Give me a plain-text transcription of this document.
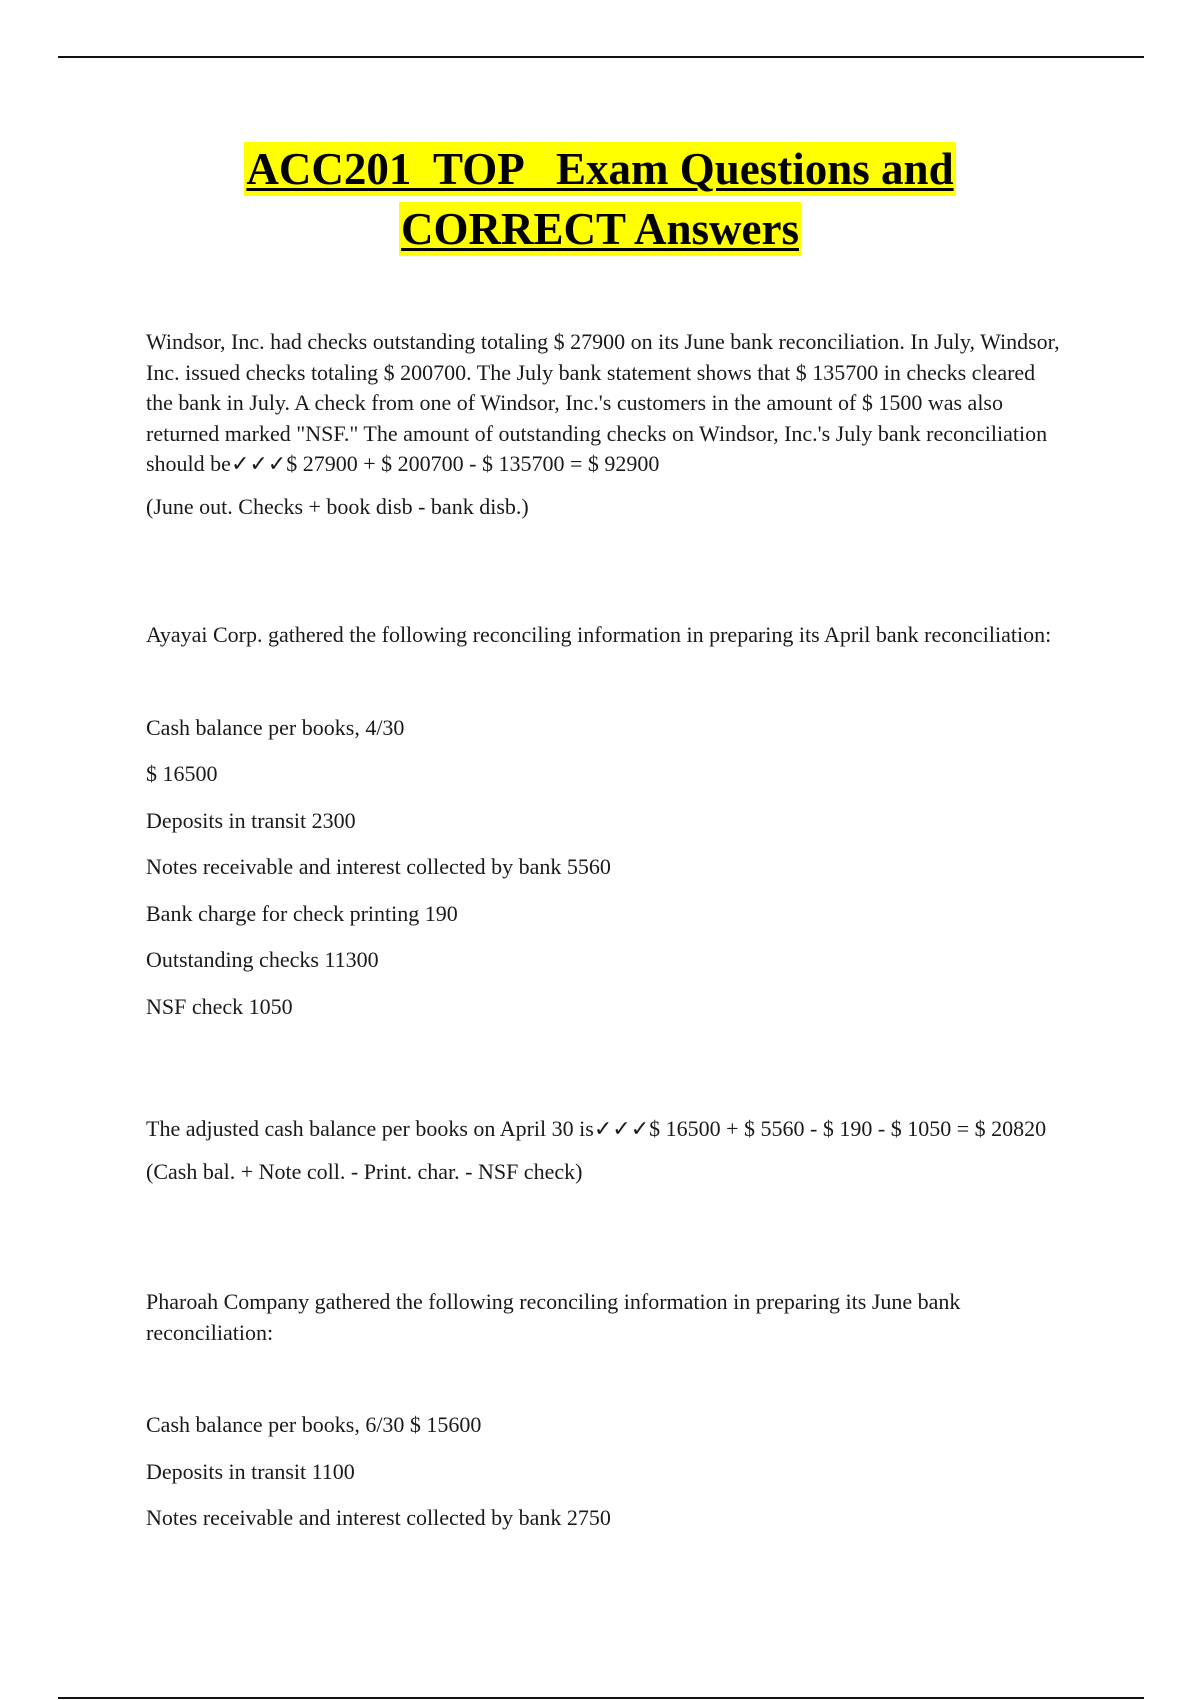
ACC201  TOP   Exam Questions and
CORRECT Answers

Windsor, Inc. had checks outstanding totaling $ 27900 on its June bank reconciliation. In July, Windsor, Inc. issued checks totaling $ 200700. The July bank statement shows that $ 135700 in checks cleared the bank in July. A check from one of Windsor, Inc.'s customers in the amount of $ 1500 was also returned marked "NSF." The amount of outstanding checks on Windsor, Inc.'s July bank reconciliation should be✓✓✓$ 27900 + $ 200700 - $ 135700 = $ 92900

(June out. Checks + book disb - bank disb.)

Ayayai Corp. gathered the following reconciling information in preparing its April bank reconciliation:

Cash balance per books, 4/30

$ 16500

Deposits in transit 2300

Notes receivable and interest collected by bank 5560

Bank charge for check printing 190

Outstanding checks 11300

NSF check 1050

The adjusted cash balance per books on April 30 is✓✓✓$ 16500 + $ 5560 - $ 190 - $ 1050 = $ 20820

(Cash bal. + Note coll. - Print. char. - NSF check)

Pharoah Company gathered the following reconciling information in preparing its June bank reconciliation:

Cash balance per books, 6/30 $ 15600

Deposits in transit 1100

Notes receivable and interest collected by bank 2750
